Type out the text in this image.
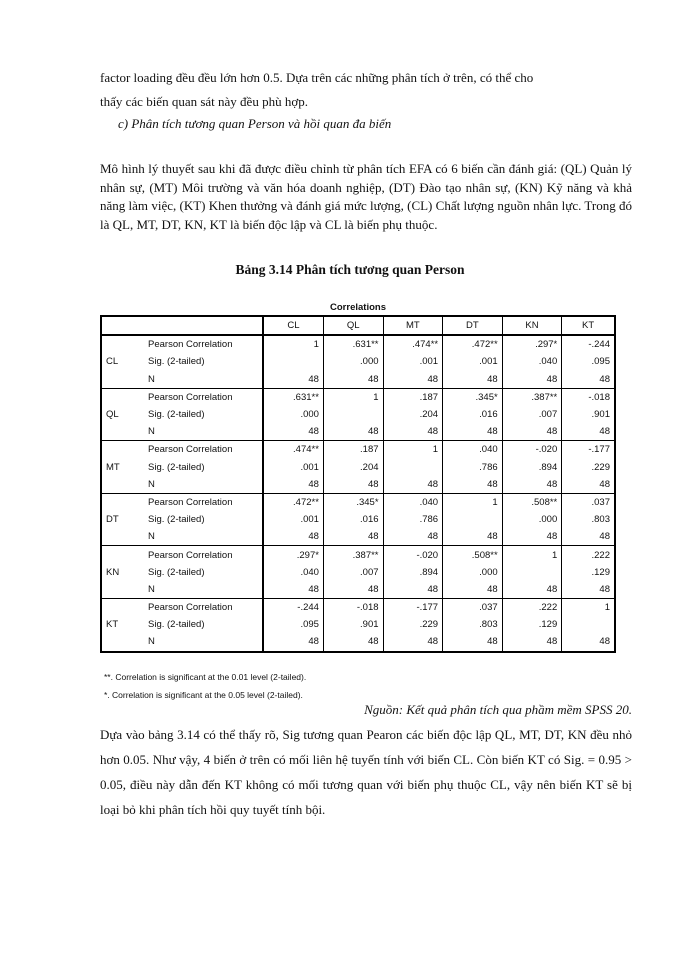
factor loading đều đều lớn hơn 0.5. Dựa trên các những phân tích ở trên, có thể cho
thấy các biến quan sát này đều phù hợp.
c) Phân tích tương quan Person và hồi quan đa biến
Mô hình lý thuyết sau khi đã được điều chỉnh từ phân tích EFA có 6 biến cần đánh giá: (QL) Quản lý nhân sự, (MT) Môi trường và văn hóa doanh nghiệp, (DT) Đào tạo nhân sự, (KN) Kỹ năng và khả năng làm việc, (KT) Khen thưởng và đánh giá mức lượng, (CL) Chất lượng nguồn nhân lực. Trong đó là QL, MT, DT, KN, KT là biến độc lập và CL là biến phụ thuộc.
Bảng 3.14 Phân tích tương quan Person
Correlations
		CL	QL	MT	DT	KN	KT
CL	Pearson Correlation	1	.631**	.474**	.472**	.297*	-.244
	Sig. (2-tailed)		.000	.001	.001	.040	.095
	N	48	48	48	48	48	48
QL	Pearson Correlation	.631**	1	.187	.345*	.387**	-.018
	Sig. (2-tailed)	.000		.204	.016	.007	.901
	N	48	48	48	48	48	48
MT	Pearson Correlation	.474**	.187	1	.040	-.020	-.177
	Sig. (2-tailed)	.001	.204		.786	.894	.229
	N	48	48	48	48	48	48
DT	Pearson Correlation	.472**	.345*	.040	1	.508**	.037
	Sig. (2-tailed)	.001	.016	.786		.000	.803
	N	48	48	48	48	48	48
KN	Pearson Correlation	.297*	.387**	-.020	.508**	1	.222
	Sig. (2-tailed)	.040	.007	.894	.000		.129
	N	48	48	48	48	48	48
KT	Pearson Correlation	-.244	-.018	-.177	.037	.222	1
	Sig. (2-tailed)	.095	.901	.229	.803	.129	
	N	48	48	48	48	48	48
**. Correlation is significant at the 0.01 level (2-tailed).
*. Correlation is significant at the 0.05 level (2-tailed).
Nguồn: Kết quả phân tích qua phầm mềm SPSS 20.
Dựa vào bảng 3.14 có thể thấy rõ, Sig tương quan Pearon các biến độc lập QL, MT, DT, KN đều nhỏ hơn 0.05. Như vậy, 4 biến ở trên có mối liên hệ tuyến tính với biến CL. Còn biến KT có Sig. = 0.95 > 0.05, điều này dẫn đến KT không có mối tương quan với biến phụ thuộc CL, vậy nên biến KT sẽ bị loại bỏ khi phân tích hồi quy tuyết tính bội.
